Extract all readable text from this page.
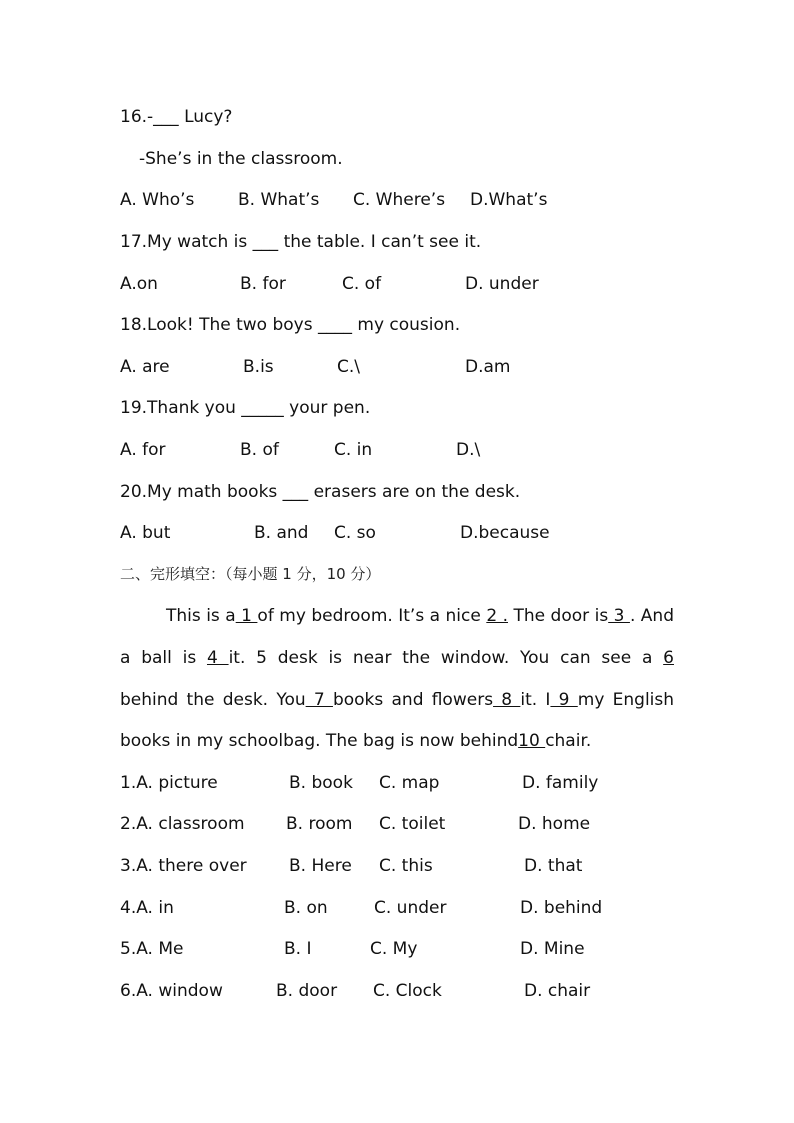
16.-___ Lucy?
-She’s in the classroom.
A. Who’s	B. What’s C. Where’s D.What’s
17.My watch is ___ the table. I can’t see it.
A.on	B. for	C. of	D. under
18.Look! The two boys ____ my cousion.
A. are	B.is	C.\	D.am
19.Thank you _____ your pen.
A. for	B. of	C. in	D.\
20.My math books ___ erasers are on the desk.
A. but	B. and C. so	D.because
二、完形填空：（每小题 1 分，10 分）
This is a 1 of my bedroom. It’s a nice 2 . The door is 3 . And
a ball is 4 it. 5 desk is near the window. You can see a 6
behind the desk. You 7 books and flowers 8 it. I 9 my English
books in my schoolbag. The bag is now behind10 chair.
1.A. picture	B. book C. map	D. family
2.A. classroom B. room C. toilet	D. home
3.A. there over B. Here C. this	D. that
4.A. in	B. on	C. under	D. behind
5.A. Me	B. I	C. My	D. Mine
6.A. window	B. door C. Clock	D. chair
